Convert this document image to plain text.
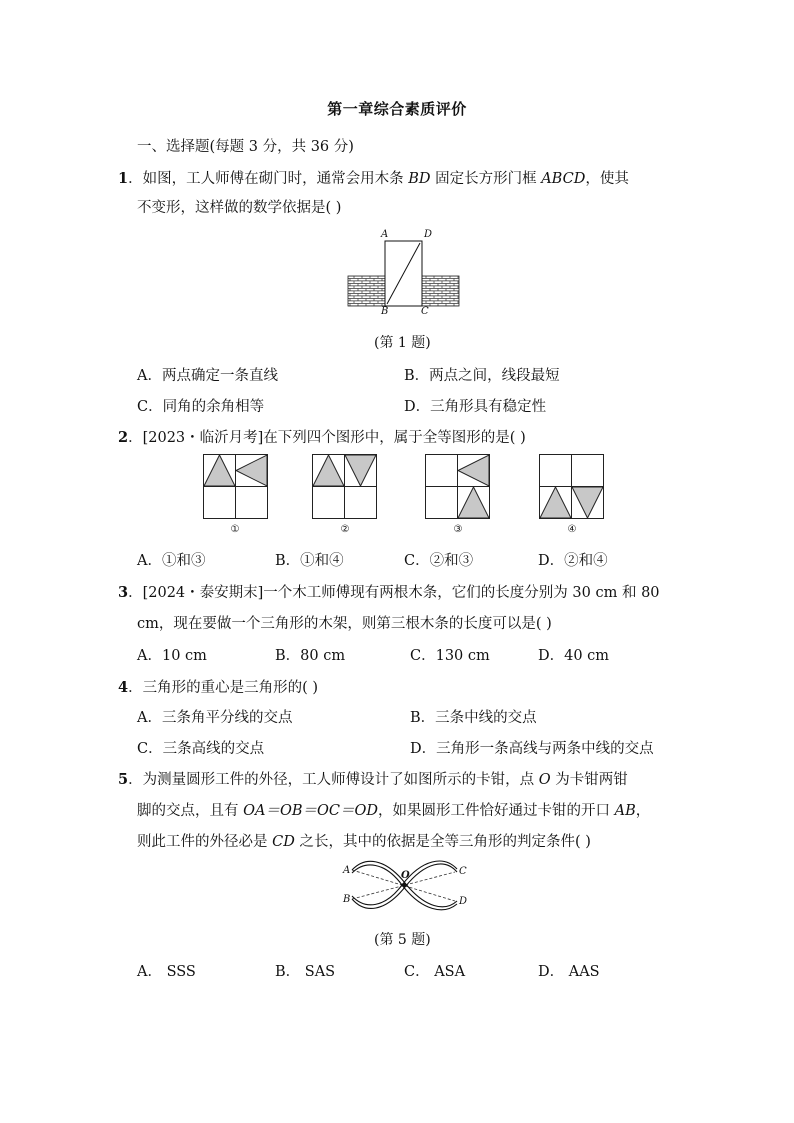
第一章综合素质评价
一、选择题(每题 3 分，共 36 分)
1．如图，工人师傅在砌门时，通常会用木条 BD 固定长方形门框 ABCD，使其
不变形，这样做的数学依据是( )
A	D
B	C
(第 1 题)
A．两点确定一条直线	B．两点之间，线段最短
C．同角的余角相等	D．三角形具有稳定性
2．[2023・临沂月考]在下列四个图形中，属于全等图形的是( )
①	②	③	④
A．①和③	B．①和④	C．②和③	D．②和④
3．[2024・泰安期末]一个木工师傅现有两根木条，它们的长度分别为 30 cm 和 80
cm，现在要做一个三角形的木架，则第三根木条的长度可以是( )
A．10 cm	B．80 cm	C．130 cm	D．40 cm
4．三角形的重心是三角形的( )
A．三条角平分线的交点	B．三条中线的交点
C．三条高线的交点	D．三角形一条高线与两条中线的交点
5．为测量圆形工件的外径，工人师傅设计了如图所示的卡钳，点 O 为卡钳两钳
脚的交点，且有 OA＝OB＝OC＝OD，如果圆形工件恰好通过卡钳的开口 AB，
则此工件的外径必是 CD 之长，其中的依据是全等三角形的判定条件( )
A
B
C
D
O
(第 5 题)
A． SSS	B． SAS	C． ASA	D． AAS
